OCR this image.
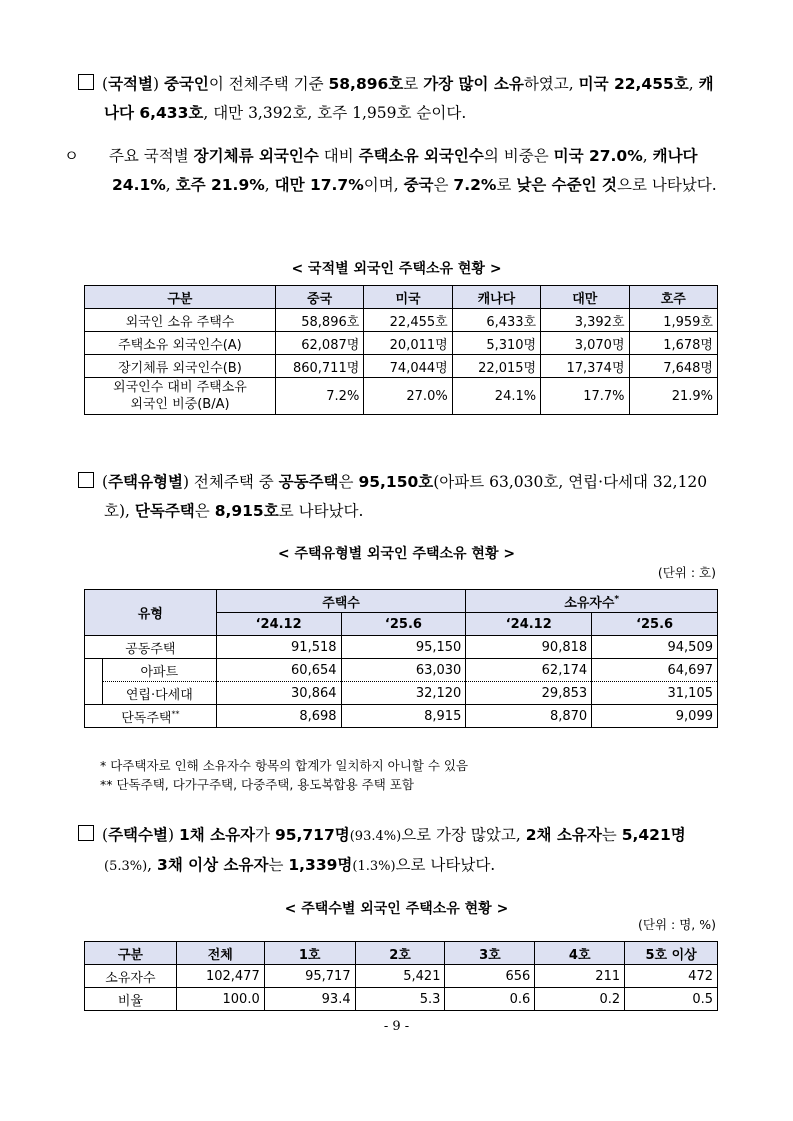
(국적별) 중국인이 전체주택 기준 58,896호로 가장 많이 소유하였고, 미국 22,455호, 캐나다 6,433호, 대만 3,392호, 호주 1,959호 순이다.
ㅇ 주요 국적별 장기체류 외국인수 대비 주택소유 외국인수의 비중은 미국 27.0%, 캐나다 24.1%, 호주 21.9%, 대만 17.7%이며, 중국은 7.2%로 낮은 수준인 것으로 나타났다.
< 국적별 외국인 주택소유 현황 >
구분	중국	미국	캐나다	대만	호주
외국인 소유 주택수	58,896호	22,455호	6,433호	3,392호	1,959호
주택소유 외국인수(A)	62,087명	20,011명	5,310명	3,070명	1,678명
장기체류 외국인수(B)	860,711명	74,044명	22,015명	17,374명	7,648명
외국인수 대비 주택소유
외국인 비중(B/A)	7.2%	27.0%	24.1%	17.7%	21.9%
(주택유형별) 전체주택 중 공동주택은 95,150호(아파트 63,030호, 연립·다세대 32,120호), 단독주택은 8,915호로 나타났다.
< 주택유형별 외국인 주택소유 현황 >
(단위 : 호)
유형		주택수		소유자수*
		‘24.12	‘25.6	‘24.12	‘25.6
공동주택		91,518	95,150	90,818	94,509
	아파트	60,654	63,030	62,174	64,697
	연립·다세대	30,864	32,120	29,853	31,105
단독주택**		8,698	8,915	8,870	9,099
* 다주택자로 인해 소유자수 항목의 합계가 일치하지 아니할 수 있음
** 단독주택, 다가구주택, 다중주택, 용도복합용 주택 포함
(주택수별) 1채 소유자가 95,717명(93.4%)으로 가장 많았고, 2채 소유자는 5,421명(5.3%), 3채 이상 소유자는 1,339명(1.3%)으로 나타났다.
< 주택수별 외국인 주택소유 현황 >
(단위 : 명, %)
구분	전체	1호	2호	3호	4호	5호 이상
소유자수	102,477	95,717	5,421	656	211	472
비율	100.0	93.4	5.3	0.6	0.2	0.5
- 9 -
